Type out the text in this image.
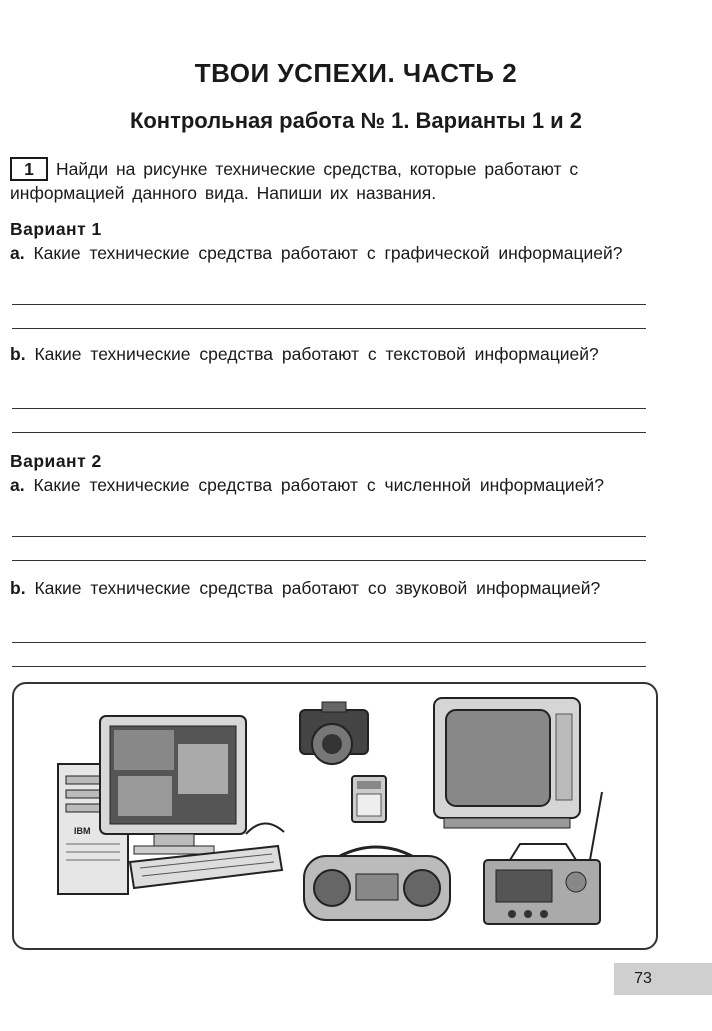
ТВОИ УСПЕХИ. ЧАСТЬ 2
Контрольная работа № 1. Варианты 1 и 2
1 Найди на рисунке технические средства, которые работают с информацией данного вида. Напиши их названия.
Вариант 1
a. Какие технические средства работают с графической информацией?
b. Какие технические средства работают с текстовой информацией?
Вариант 2
a. Какие технические средства работают с численной информацией?
b. Какие технические средства работают со звуковой информацией?
IBM
73
